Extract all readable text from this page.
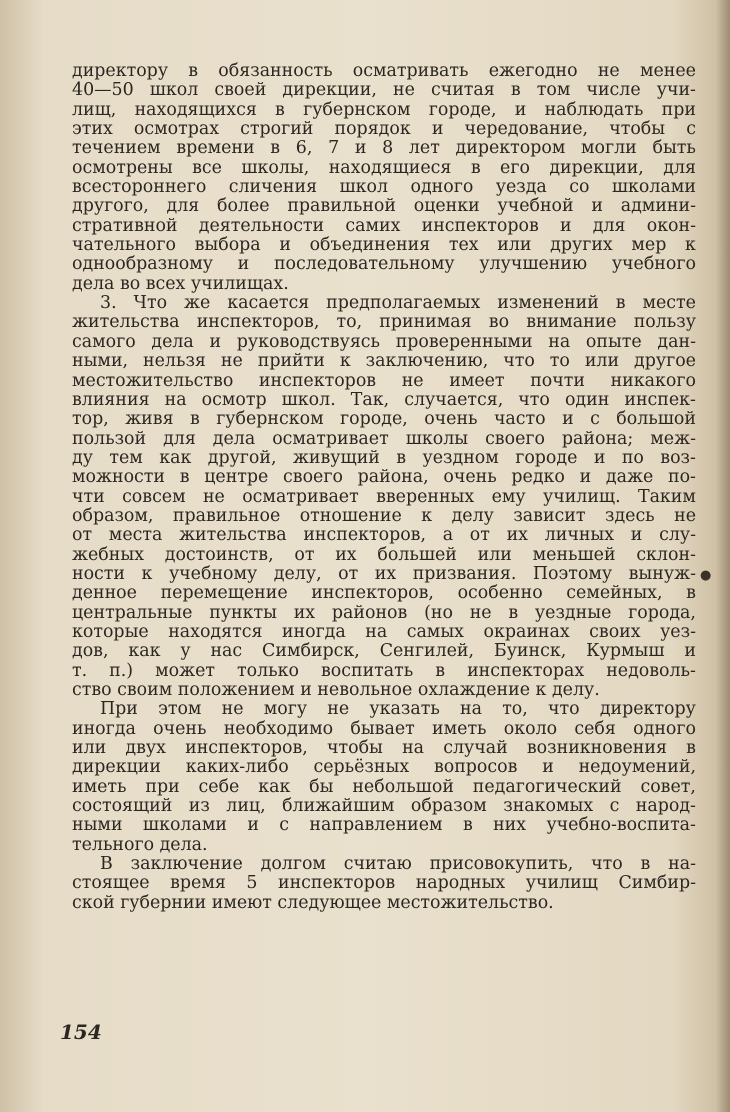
директору в обязанность осматривать ежегодно не менее
40—50 школ своей дирекции, не считая в том числе учи-
лищ, находящихся в губернском городе, и наблюдать при
этих осмотрах строгий порядок и чередование, чтобы с
течением времени в 6, 7 и 8 лет директором могли быть
осмотрены все школы, находящиеся в его дирекции, для
всестороннего сличения школ одного уезда со школами
другого, для более правильной оценки учебной и админи-
стративной деятельности самих инспекторов и для окон-
чательного выбора и объединения тех или других мер к
однообразному и последовательному улучшению учебного
дела во всех училищах.
3. Что же касается предполагаемых изменений в месте
жительства инспекторов, то, принимая во внимание пользу
самого дела и руководствуясь проверенными на опыте дан-
ными, нельзя не прийти к заключению, что то или другое
местожительство инспекторов не имеет почти никакого
влияния на осмотр школ. Так, случается, что один инспек-
тор, живя в губернском городе, очень часто и с большой
пользой для дела осматривает школы своего района; меж-
ду тем как другой, живущий в уездном городе и по воз-
можности в центре своего района, очень редко и даже по-
чти совсем не осматривает вверенных ему училищ. Таким
образом, правильное отношение к делу зависит здесь не
от места жительства инспекторов, а от их личных и слу-
жебных достоинств, от их большей или меньшей склон-
ности к учебному делу, от их призвания. Поэтому вынуж-
денное перемещение инспекторов, особенно семейных, в
центральные пункты их районов (но не в уездные города,
которые находятся иногда на самых окраинах своих уез-
дов, как у нас Симбирск, Сенгилей, Буинск, Курмыш и
т. п.) может только воспитать в инспекторах недоволь-
ство своим положением и невольное охлаждение к делу.
При этом не могу не указать на то, что директору
иногда очень необходимо бывает иметь около себя одного
или двух инспекторов, чтобы на случай возникновения в
дирекции каких-либо серьёзных вопросов и недоумений,
иметь при себе как бы небольшой педагогический совет,
состоящий из лиц, ближайшим образом знакомых с народ-
ными школами и с направлением в них учебно-воспита-
тельного дела.
В заключение долгом считаю присовокупить, что в на-
стоящее время 5 инспекторов народных училищ Симбир-
ской губернии имеют следующее местожительство.
●
154
